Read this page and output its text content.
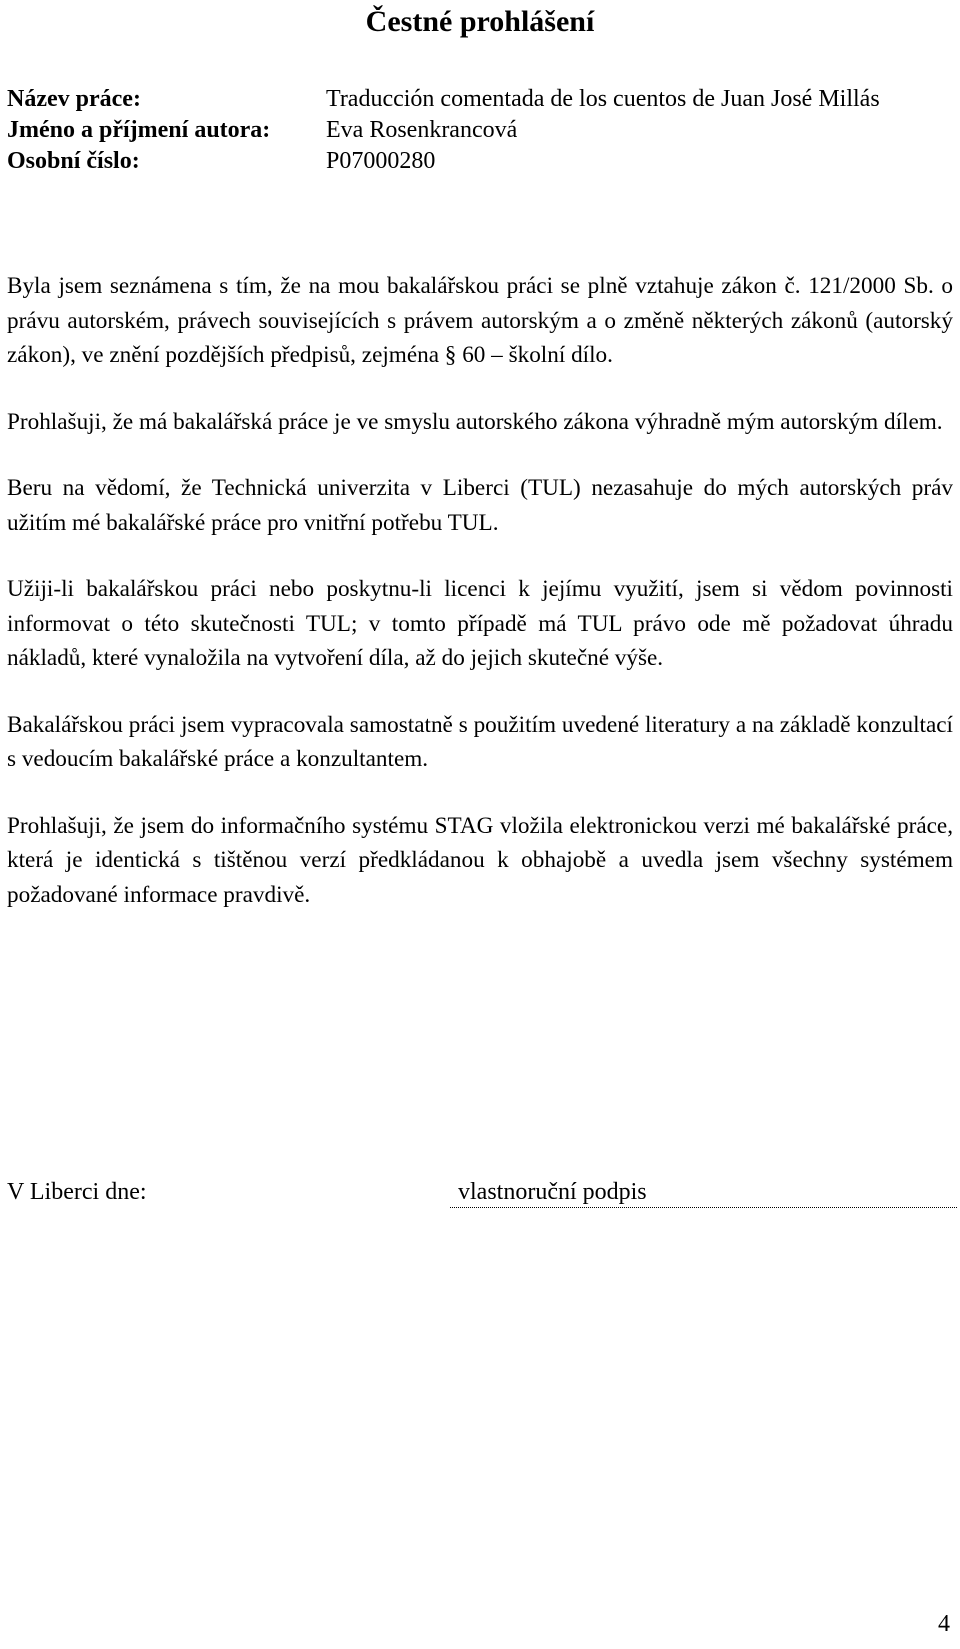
Čestné prohlášení
Název práce:	Traducción comentada de los cuentos de Juan José Millás
Jméno a příjmení autora: Eva Rosenkrancová
Osobní číslo:	P07000280

Byla jsem seznámena s tím, že na mou bakalářskou práci se plně vztahuje zákon č. 121/2000 Sb. o právu autorském, právech souvisejících s právem autorským a o změně některých zákonů (autorský zákon), ve znění pozdějších předpisů, zejména § 60 – školní dílo.

Prohlašuji, že má bakalářská práce je ve smyslu autorského zákona výhradně mým autorským dílem.

Beru na vědomí, že Technická univerzita v Liberci (TUL) nezasahuje do mých autorských práv užitím mé bakalářské práce pro vnitřní potřebu TUL.

Užiji-li bakalářskou práci nebo poskytnu-li licenci k jejímu využití, jsem si vědom povinnosti informovat o této skutečnosti TUL; v tomto případě má TUL právo ode mě požadovat úhradu nákladů, které vynaložila na vytvoření díla, až do jejich skutečné výše.

Bakalářskou práci jsem vypracovala samostatně s použitím uvedené literatury a na základě konzultací s vedoucím bakalářské práce a konzultantem.

Prohlašuji, že jsem do informačního systému STAG vložila elektronickou verzi mé bakalářské práce, která je identická s tištěnou verzí předkládanou k obhajobě a uvedla jsem všechny systémem požadované informace pravdivě.

V Liberci dne:	vlastnoruční podpis
4
